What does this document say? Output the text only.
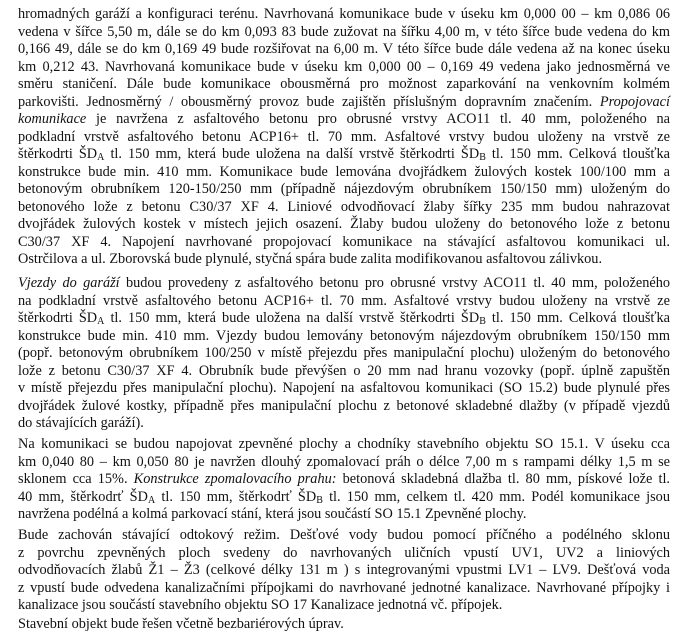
hromadných garáží a konfiguraci terénu. Navrhovaná komunikace bude v úseku km 0,000 00 – km 0,086 06
vedena v šířce 5,50 m, dále se do km 0,093 83 bude zužovat na šířku 4,00 m, v této šířce bude vedena do km
0,166 49, dále se do km 0,169 49 bude rozšiřovat na 6,00 m. V této šířce bude dále vedena až na konec úseku
km 0,212 43. Navrhovaná komunikace bude v úseku km 0,000 00 – 0,169 49 vedena jako jednosměrná ve
směru staničení. Dále bude komunikace obousměrná pro možnost zaparkování na venkovním kolmém
parkovišti. Jednosměrný / obousměrný provoz bude zajištěn příslušným dopravním značením. Propojovací
komunikace je navržena z asfaltového betonu pro obrusné vrstvy ACO11 tl. 40 mm, položeného na
podkladní vrstvě asfaltového betonu ACP16+ tl. 70 mm. Asfaltové vrstvy budou uloženy na vrstvě ze
štěrkodrti $ŠD_A$ tl. 150 mm, která bude uložena na další vrstvě štěrkodrti $ŠD_B$ tl. 150 mm. Celková tloušťka
konstrukce bude min. 410 mm. Komunikace bude lemována dvojřádkem žulových kostek 100/100 mm a
betonovým obrubníkem 120-150/250 mm (případně nájezdovým obrubníkem 150/150 mm) uloženým do
betonového lože z betonu C30/37 XF 4. Liniové odvodňovací žlaby šířky 235 mm budou nahrazovat
dvojřádek žulových kostek v místech jejich osazení. Žlaby budou uloženy do betonového lože z betonu
C30/37 XF 4. Napojení navrhované propojovací komunikace na stávající asfaltovou komunikaci ul.
Ostrčilova a ul. Zborovská bude plynulé, styčná spára bude zalita modifikovanou asfaltovou zálivkou.
Vjezdy do garáží budou provedeny z asfaltového betonu pro obrusné vrstvy ACO11 tl. 40 mm, položeného
na podkladní vrstvě asfaltového betonu ACP16+ tl. 70 mm. Asfaltové vrstvy budou uloženy na vrstvě ze
štěrkodrti $ŠD_A$ tl. 150 mm, která bude uložena na další vrstvě štěrkodrti $ŠD_B$ tl. 150 mm. Celková tloušťka
konstrukce bude min. 410 mm. Vjezdy budou lemovány betonovým nájezdovým obrubníkem 150/150 mm
(popř. betonovým obrubníkem 100/250 v místě přejezdu přes manipulační plochu) uloženým do betonového
lože z betonu C30/37 XF 4. Obrubník bude převýšen o 20 mm nad hranu vozovky (popř. úplně zapuštěn
v místě přejezdu přes manipulační plochu). Napojení na asfaltovou komunikaci (SO 15.2) bude plynulé přes
dvojřádek žulové kostky, případně přes manipulační plochu z betonové skladebné dlažby (v případě vjezdů
do stávajících garáží).
Na komunikaci se budou napojovat zpevněné plochy a chodníky stavebního objektu SO 15.1. V úseku cca
km 0,040 80 – km 0,050 80 je navržen dlouhý zpomalovací práh o délce 7,00 m s rampami délky 1,5 m se
sklonem cca 15%. Konstrukce zpomalovacího prahu: betonová skladebná dlažba tl. 80 mm, pískové lože tl.
40 mm, štěrkodrť $ŠD_A$ tl. 150 mm, štěrkodrť $ŠD_B$ tl. 150 mm, celkem tl. 420 mm. Podél komunikace jsou
navržena podélná a kolmá parkovací stání, která jsou součástí SO 15.1 Zpevněné plochy.
Bude zachován stávající odtokový režim. Dešťové vody budou pomocí příčného a podélného sklonu
z povrchu zpevněných ploch svedeny do navrhovaných uličních vpustí UV1, UV2 a liniových
odvodňovacích žlabů Ž1 – Ž3 (celkové délky 131 m ) s integrovanými vpustmi LV1 – LV9. Dešťová voda
z vpustí bude odvedena kanalizačními přípojkami do navrhované jednotné kanalizace. Navrhované přípojky i
kanalizace jsou součástí stavebního objektu SO 17 Kanalizace jednotná vč. přípojek.
Stavební objekt bude řešen včetně bezbariérových úprav.
